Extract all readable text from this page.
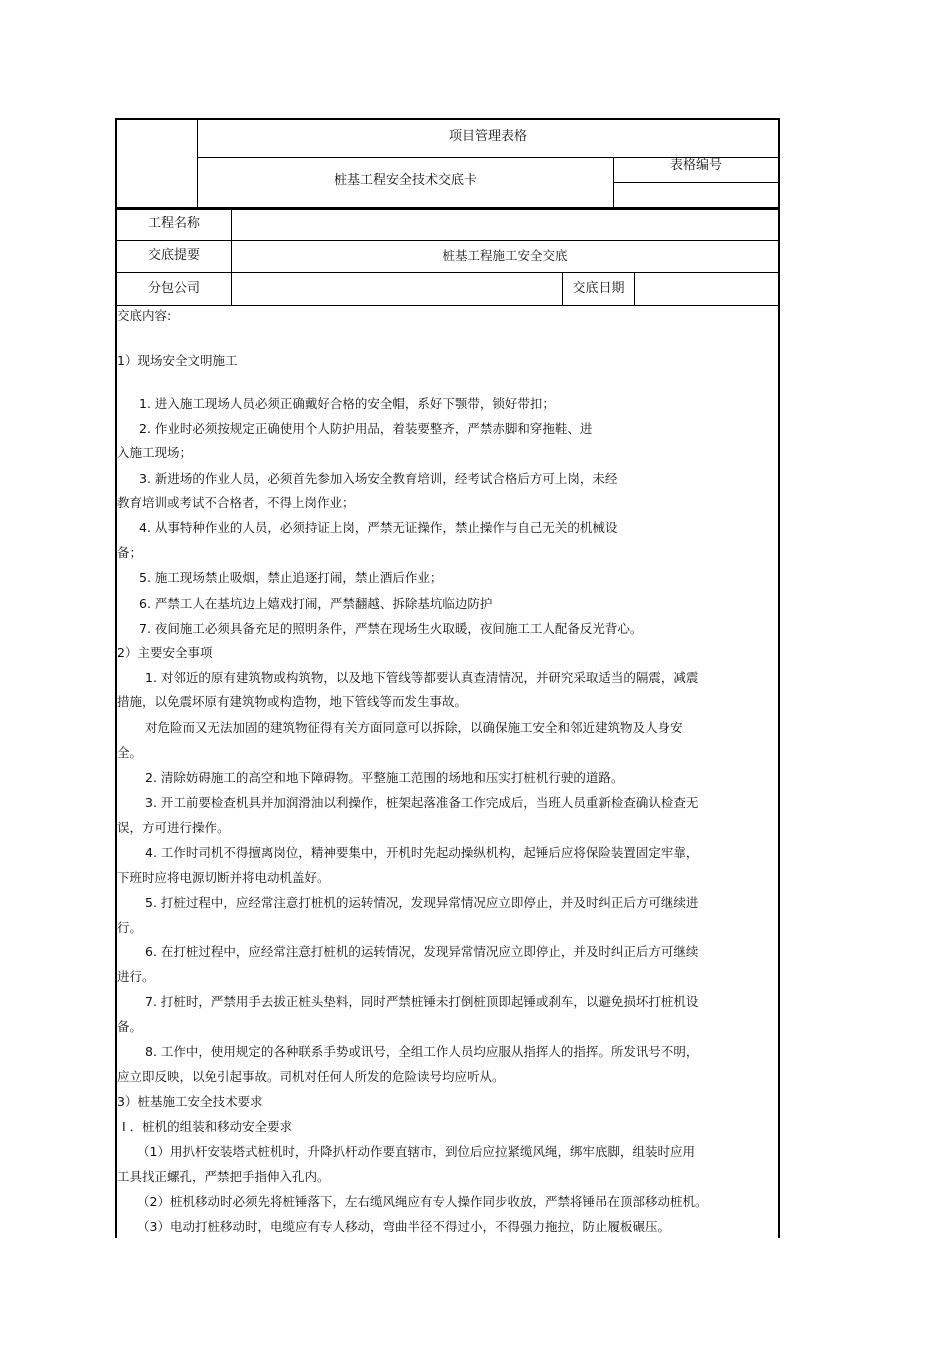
项目管理表格
桩基工程安全技术交底卡
表格编号
工程名称
交底提要	桩基工程施工安全交底
分包公司	交底日期
交底内容:
1）现场安全文明施工
1. 进入施工现场人员必须正确戴好合格的安全帽，系好下颚带，锁好带扣；
2. 作业时必须按规定正确使用个人防护用品，着装要整齐，严禁赤脚和穿拖鞋、进
入施工现场；
3. 新进场的作业人员，必须首先参加入场安全教育培训，经考试合格后方可上岗，未经
教育培训或考试不合格者，不得上岗作业；
4. 从事特种作业的人员，必须持证上岗，严禁无证操作，禁止操作与自己无关的机械设
备；
5. 施工现场禁止吸烟，禁止追逐打闹，禁止酒后作业；
6. 严禁工人在基坑边上嬉戏打闹，严禁翻越、拆除基坑临边防护
7. 夜间施工必须具备充足的照明条件，严禁在现场生火取暖，夜间施工工人配备反光背心。
2）主要安全事项
1. 对邻近的原有建筑物或构筑物，以及地下管线等都要认真查清情况，并研究采取适当的隔震，减震
措施，以免震坏原有建筑物或构造物，地下管线等而发生事故。
对危险而又无法加固的建筑物征得有关方面同意可以拆除，以确保施工安全和邻近建筑物及人身安
全。
2. 清除妨碍施工的高空和地下障碍物。平整施工范围的场地和压实打桩机行驶的道路。
3. 开工前要检查机具并加润滑油以利操作，桩架起落准备工作完成后，当班人员重新检查确认检查无
误，方可进行操作。
4. 工作时司机不得擅离岗位，精神要集中，开机时先起动操纵机构，起锤后应将保险装置固定牢靠，
下班时应将电源切断并将电动机盖好。
5. 打桩过程中，应经常注意打桩机的运转情况，发现异常情况应立即停止，并及时纠正后方可继续进
行。
6. 在打桩过程中，应经常注意打桩机的运转情况，发现异常情况应立即停止，并及时纠正后方可继续
进行。
7. 打桩时，严禁用手去拔正桩头垫料，同时严禁桩锤未打倒桩顶即起锤或刹车，以避免损坏打桩机设
备。
8. 工作中，使用规定的各种联系手势或讯号，全组工作人员均应服从指挥人的指挥。所发讯号不明，
应立即反映，以免引起事故。司机对任何人所发的危险读号均应听从。
3）桩基施工安全技术要求
Ⅰ ．桩机的组装和移动安全要求
（1）用扒杆安装塔式桩机时，升降扒杆动作要直辖市，到位后应拉紧缆风绳，绑牢底脚，组装时应用
工具找正螺孔，严禁把手指伸入孔内。
（2）桩机移动时必须先将桩锤落下，左右缆风绳应有专人操作同步收放，严禁将锤吊在顶部移动桩机。
（3）电动打桩移动时，电缆应有专人移动，弯曲半径不得过小，不得强力拖拉，防止履板碾压。
